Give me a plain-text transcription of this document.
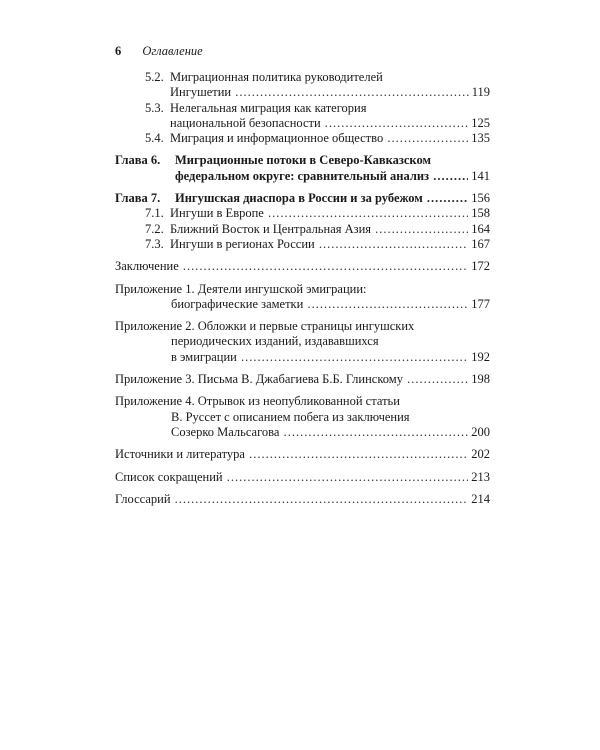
6 Оглавление
5.2. Миграционная политика руководителей
Ингушетии .....	119
5.3. Нелегальная миграция как категория
национальной безопасности .....	125
5.4. Миграция и информационное общество .....	135
Глава 6. Миграционные потоки в Северо-Кавказском
федеральном округе: сравнительный анализ .....	141
Глава 7. Ингушская диаспора в России и за рубежом .....	156
7.1. Ингуши в Европе .....	158
7.2. Ближний Восток и Центральная Азия .....	164
7.3. Ингуши в регионах России .....	167
Заключение .....	172
Приложение 1. Деятели ингушской эмиграции:
биографические заметки .....	177
Приложение 2. Обложки и первые страницы ингушских
периодических изданий, издававшихся
в эмиграции .....	192
Приложение 3. Письма В. Джабагиева Б.Б. Глинскому .....	198
Приложение 4. Отрывок из неопубликованной статьи
В. Руссет с описанием побега из заключения
Созерко Мальсагова .....	200
Источники и литература .....	202
Список сокращений .....	213
Глоссарий .....	214
